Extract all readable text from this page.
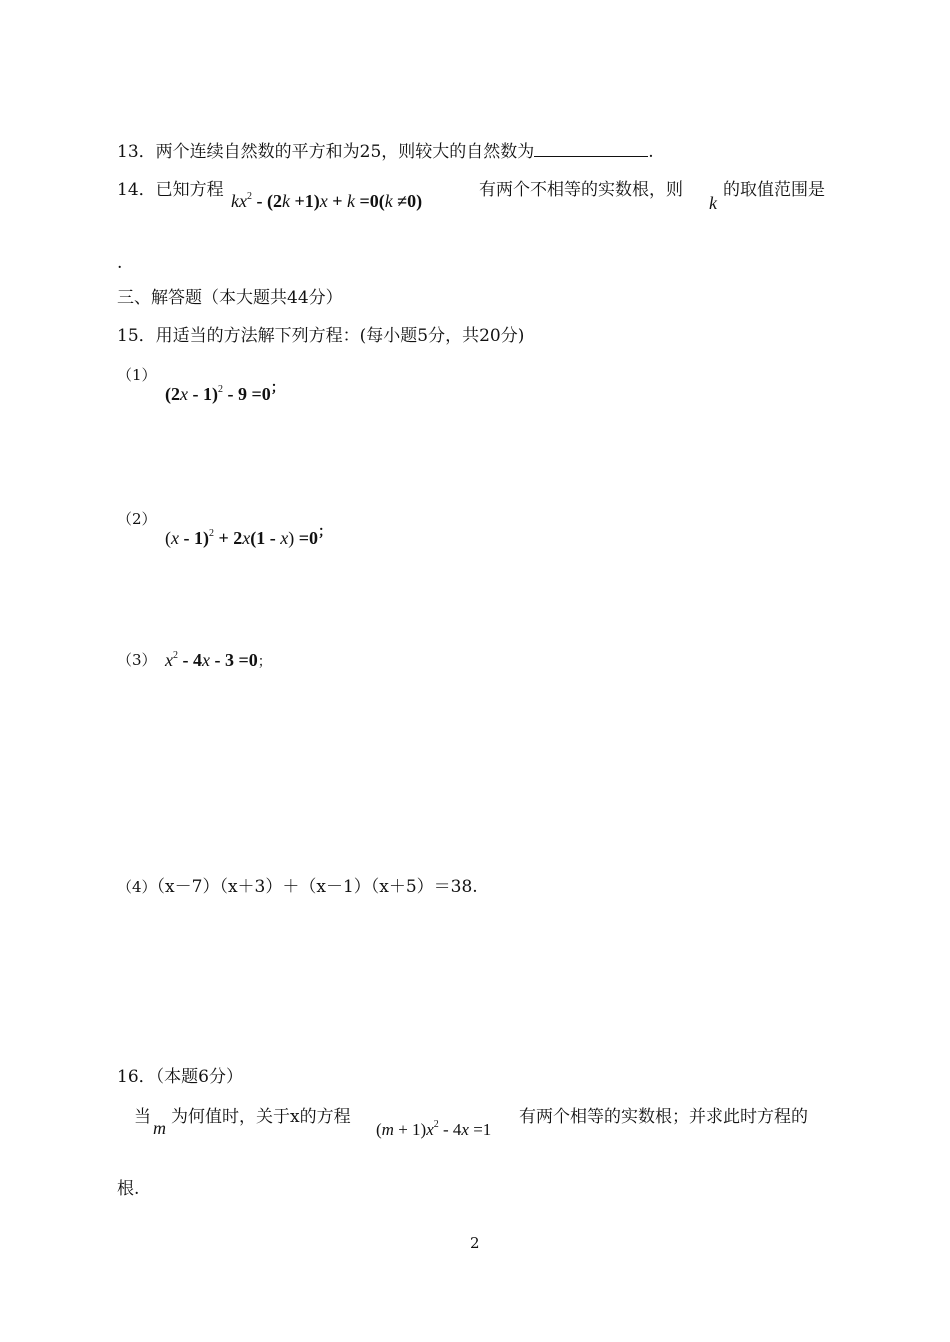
13．两个连续自然数的平方和为25，则较大的自然数为	.
14．已知方程
$kx^2 - (2k +1)x + k =0(k \ne 0)$
有两个不相等的实数根，则
k
的取值范围是
.
三、解答题（本大题共44分）
15．用适当的方法解下列方程：(每小题5分，共20分)
（1）
(2x - 1)$^2$ - 9 =0；
（2）
(x - 1)$^2$ + 2x(1 - x) =0；
（3） $x^2 - 4x - 3 =0$；
（4）（x－7）（x＋3）＋（x－1）（x＋5）＝38.
16．（本题6分）
当
m
为何值时，关于x的方程
$(m + 1)x^2 - 4x =1$
有两个相等的实数根；并求此时方程的
根.
2
